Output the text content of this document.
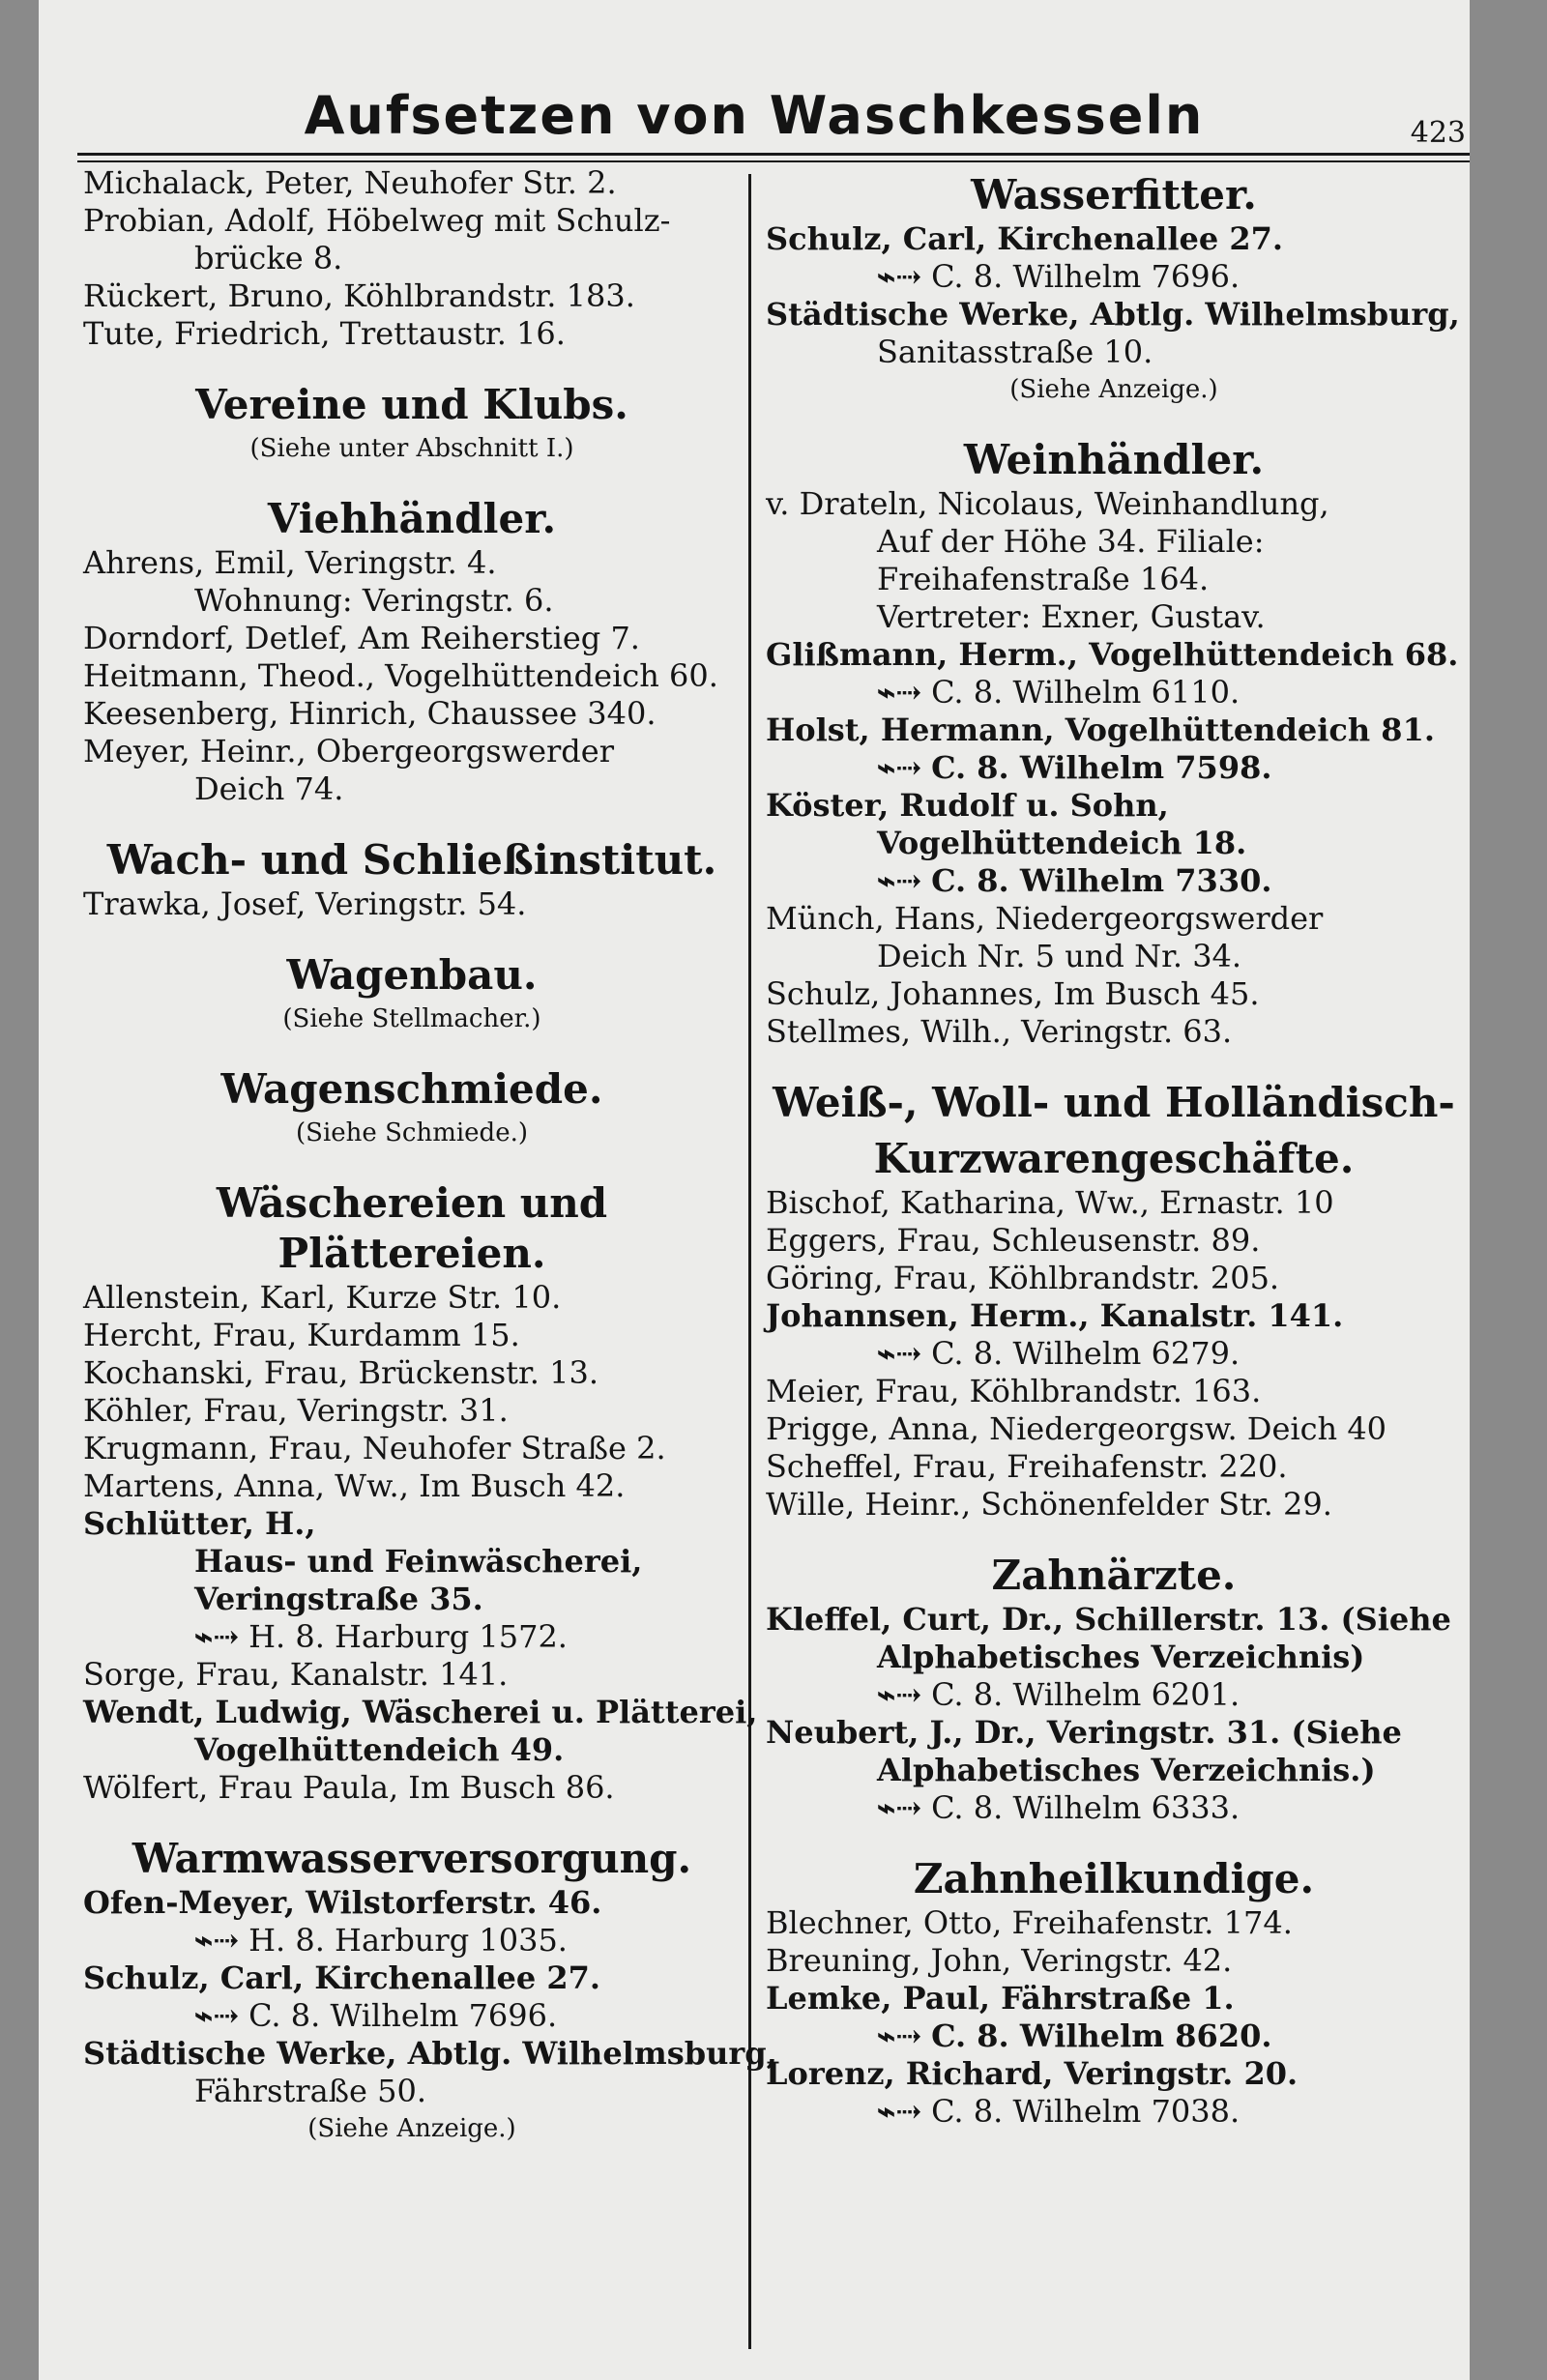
Aufsetzen von Waschkesseln	423
Michalack, Peter, Neuhofer Str. 2.
Probian, Adolf, Höbelweg mit Schulz-
brücke 8.
Rückert, Bruno, Köhlbrandstr. 183.
Tute, Friedrich, Trettaustr. 16.
Vereine und Klubs.
(Siehe unter Abschnitt I.)
Viehhändler.
Ahrens, Emil, Veringstr. 4.
Wohnung: Veringstr. 6.
Dorndorf, Detlef, Am Reiherstieg 7.
Heitmann, Theod., Vogelhüttendeich 60.
Keesenberg, Hinrich, Chaussee 340.
Meyer, Heinr., Obergeorgswerder
Deich 74.
Wach- und Schließinstitut.
Trawka, Josef, Veringstr. 54.
Wagenbau.
(Siehe Stellmacher.)
Wagenschmiede.
(Siehe Schmiede.)
Wäschereien und Plättereien.
Allenstein, Karl, Kurze Str. 10.
Hercht, Frau, Kurdamm 15.
Kochanski, Frau, Brückenstr. 13.
Köhler, Frau, Veringstr. 31.
Krugmann, Frau, Neuhofer Straße 2.
Martens, Anna, Ww., Im Busch 42.
Schlütter, H.,
Haus- und Feinwäscherei,
Veringstraße 35.
⌁⇢ H. 8. Harburg 1572.
Sorge, Frau, Kanalstr. 141.
Wendt, Ludwig, Wäscherei u. Plätterei,
Vogelhüttendeich 49.
Wölfert, Frau Paula, Im Busch 86.
Warmwasserversorgung.
Ofen-Meyer, Wilstorferstr. 46.
⌁⇢ H. 8. Harburg 1035.
Schulz, Carl, Kirchenallee 27.
⌁⇢ C. 8. Wilhelm 7696.
Städtische Werke, Abtlg. Wilhelmsburg,
Fährstraße 50.
(Siehe Anzeige.)
Wasserfitter.
Schulz, Carl, Kirchenallee 27.
⌁⇢ C. 8. Wilhelm 7696.
Städtische Werke, Abtlg. Wilhelmsburg,
Sanitasstraße 10.
(Siehe Anzeige.)
Weinhändler.
v. Drateln, Nicolaus, Weinhandlung,
Auf der Höhe 34. Filiale:
Freihafenstraße 164.
Vertreter: Exner, Gustav.
Glißmann, Herm., Vogelhüttendeich 68.
⌁⇢ C. 8. Wilhelm 6110.
Holst, Hermann, Vogelhüttendeich 81.
⌁⇢ C. 8. Wilhelm 7598.
Köster, Rudolf u. Sohn,
Vogelhüttendeich 18.
⌁⇢ C. 8. Wilhelm 7330.
Münch, Hans, Niedergeorgswerder
Deich Nr. 5 und Nr. 34.
Schulz, Johannes, Im Busch 45.
Stellmes, Wilh., Veringstr. 63.
Weiß-, Woll- und Holländisch-
Kurzwarengeschäfte.
Bischof, Katharina, Ww., Ernastr. 10
Eggers, Frau, Schleusenstr. 89.
Göring, Frau, Köhlbrandstr. 205.
Johannsen, Herm., Kanalstr. 141.
⌁⇢ C. 8. Wilhelm 6279.
Meier, Frau, Köhlbrandstr. 163.
Prigge, Anna, Niedergeorgsw. Deich 40
Scheffel, Frau, Freihafenstr. 220.
Wille, Heinr., Schönenfelder Str. 29.
Zahnärzte.
Kleffel, Curt, Dr., Schillerstr. 13. (Siehe
Alphabetisches Verzeichnis)
⌁⇢ C. 8. Wilhelm 6201.
Neubert, J., Dr., Veringstr. 31. (Siehe
Alphabetisches Verzeichnis.)
⌁⇢ C. 8. Wilhelm 6333.
Zahnheilkundige.
Blechner, Otto, Freihafenstr. 174.
Breuning, John, Veringstr. 42.
Lemke, Paul, Fährstraße 1.
⌁⇢ C. 8. Wilhelm 8620.
Lorenz, Richard, Veringstr. 20.
⌁⇢ C. 8. Wilhelm 7038.
